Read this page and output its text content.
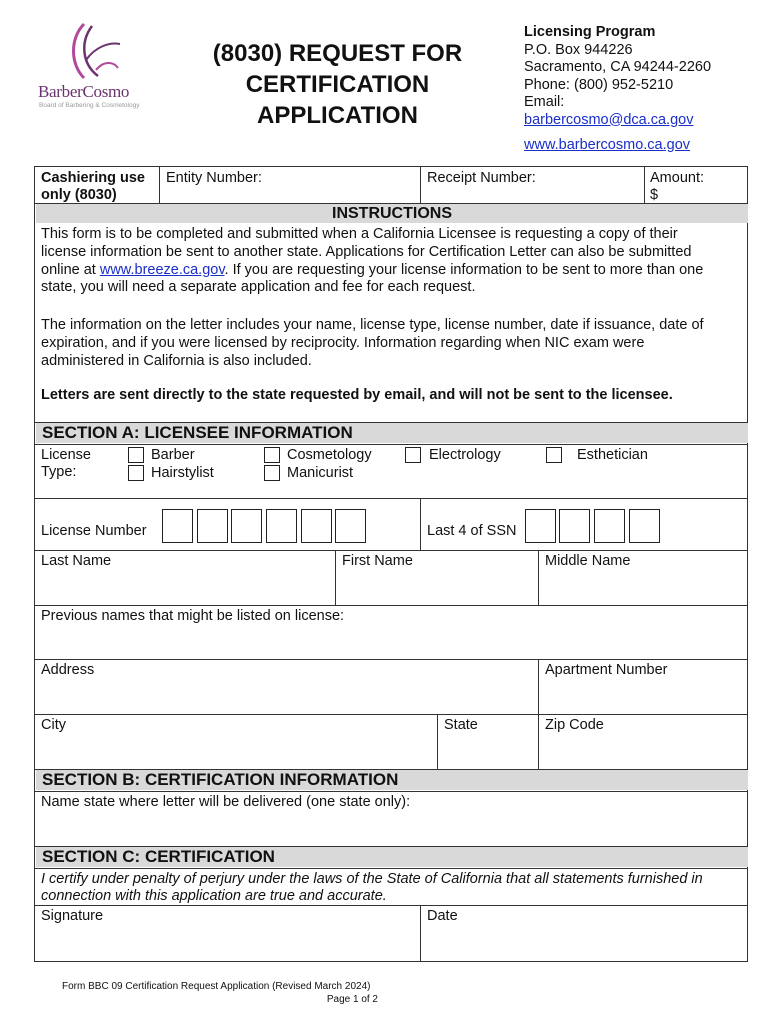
BarberCosmo
Board of Barbering & Cosmetology
(8030) REQUEST FOR
CERTIFICATION
APPLICATION
Licensing Program
P.O. Box 944226
Sacramento, CA 94244-2260
Phone: (800) 952-5210
Email:
barbercosmo@dca.ca.gov
www.barbercosmo.ca.gov
Cashiering use
only (8030)
Entity Number:	Receipt Number:	Amount:
$
INSTRUCTIONS
This form is to be completed and submitted when a California Licensee is requesting a copy of their
license information be sent to another state. Applications for Certification Letter can also be submitted
online at www.breeze.ca.gov. If you are requesting your license information to be sent to more than one
state, you will need a separate application and fee for each request.
The information on the letter includes your name, license type, license number, date if issuance, date of
expiration, and if you were licensed by reciprocity. Information regarding when NIC exam were
administered in California is also included.
Letters are sent directly to the state requested by email, and will not be sent to the licensee.
SECTION A: LICENSEE INFORMATION
License
Type:
Barber
Hairstylist
Cosmetology
Manicurist
Electrology	Esthetician
License Number	Last 4 of SSN
Last Name	First Name	Middle Name
Previous names that might be listed on license:
Address	Apartment Number
City	State	Zip Code
SECTION B: CERTIFICATION INFORMATION
Name state where letter will be delivered (one state only):
SECTION C: CERTIFICATION
I certify under penalty of perjury under the laws of the State of California that all statements furnished in
connection with this application are true and accurate.
Signature	Date
Form BBC 09 Certification Request Application (Revised March 2024)
Page 1 of 2
